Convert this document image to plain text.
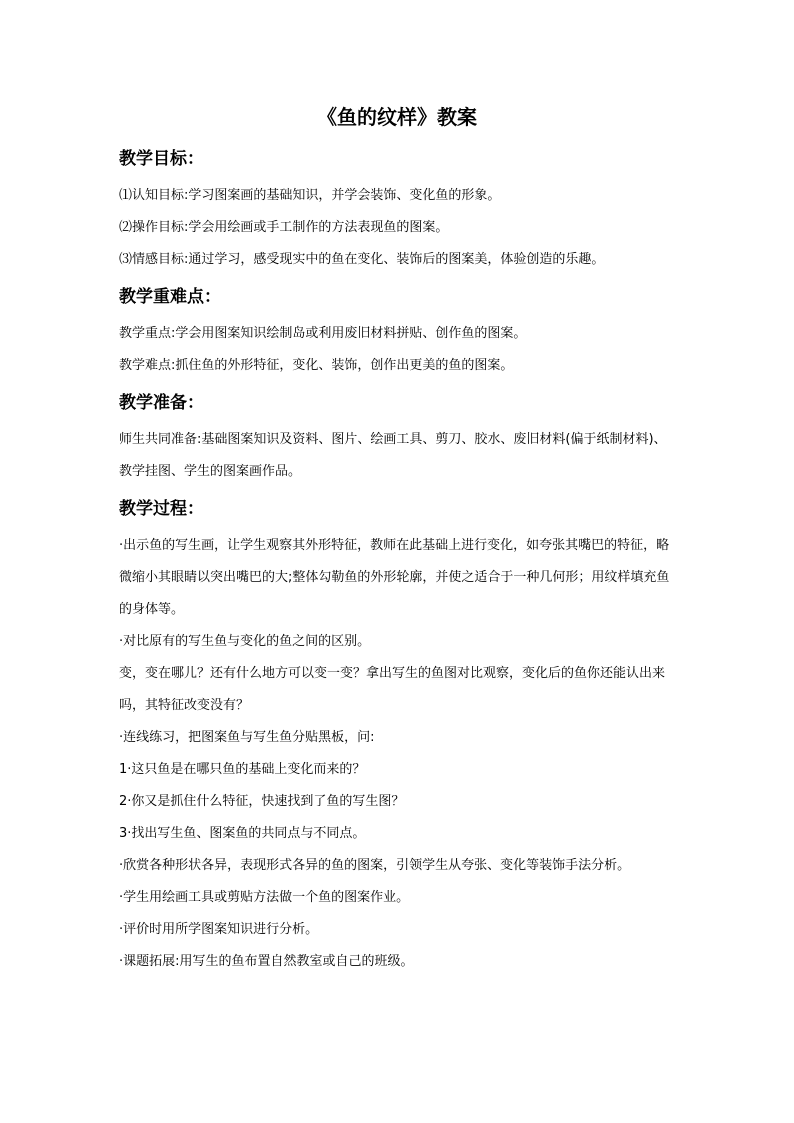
《鱼的纹样》教案

教学目标：

⑴认知目标:学习图案画的基础知识，并学会装饰、变化鱼的形象。

⑵操作目标:学会用绘画或手工制作的方法表现鱼的图案。

⑶情感目标:通过学习，感受现实中的鱼在变化、装饰后的图案美，体验创造的乐趣。

教学重难点：

教学重点:学会用图案知识绘制岛或利用废旧材料拼贴、创作鱼的图案。

教学难点:抓住鱼的外形特征，变化、装饰，创作出更美的鱼的图案。

教学准备：

师生共同准备:基础图案知识及资料、图片、绘画工具、剪刀、胶水、废旧材料(偏于纸制材料)、教学挂图、学生的图案画作品。

教学过程：

·出示鱼的写生画，让学生观察其外形特征，教师在此基础上进行变化，如夸张其嘴巴的特征，略微缩小其眼睛以突出嘴巴的大;整体勾勒鱼的外形轮廓，并使之适合于一种几何形；用纹样填充鱼的身体等。

·对比原有的写生鱼与变化的鱼之间的区别。

变，变在哪儿？还有什么地方可以变一变？拿出写生的鱼图对比观察，变化后的鱼你还能认出来吗，其特征改变没有？

·连线练习，把图案鱼与写生鱼分贴黑板，问:

1·这只鱼是在哪只鱼的基础上变化而来的？

2·你又是抓住什么特征，快速找到了鱼的写生图？

3·找出写生鱼、图案鱼的共同点与不同点。

·欣赏各种形状各异，表现形式各异的鱼的图案，引领学生从夸张、变化等装饰手法分析。

·学生用绘画工具或剪贴方法做一个鱼的图案作业。

·评价时用所学图案知识进行分析。

·课题拓展:用写生的鱼布置自然教室或自己的班级。
